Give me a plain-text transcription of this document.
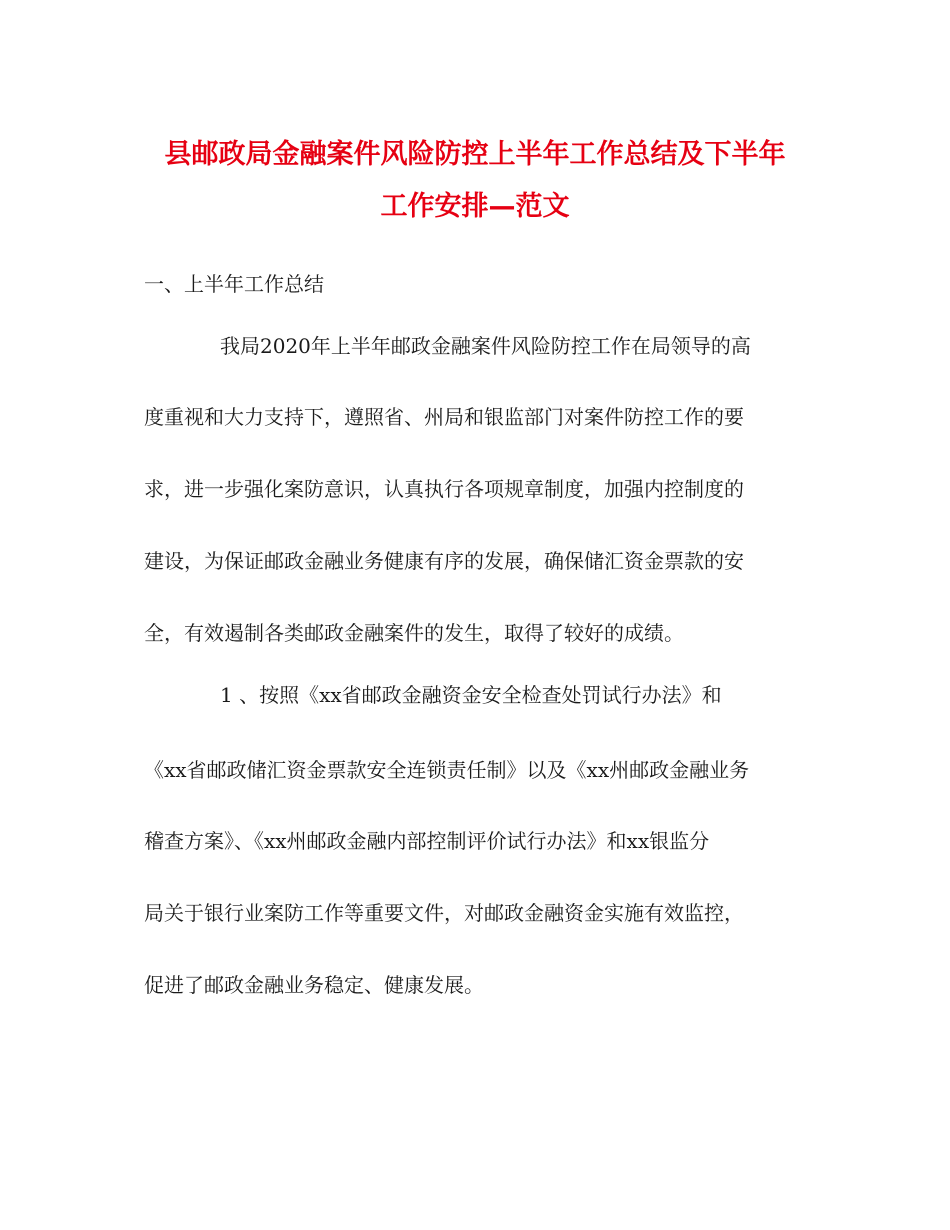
县邮政局金融案件风险防控上半年工作总结及下半年
工作安排—范文

一、上半年工作总结

我局2020年上半年邮政金融案件风险防控工作在局领导的高

度重视和大力支持下，遵照省、州局和银监部门对案件防控工作的要

求，进一步强化案防意识，认真执行各项规章制度，加强内控制度的

建设，为保证邮政金融业务健康有序的发展，确保储汇资金票款的安

全，有效遏制各类邮政金融案件的发生，取得了较好的成绩。

1 、按照《xx省邮政金融资金安全检查处罚试行办法》和

《xx省邮政储汇资金票款安全连锁责任制》以及《xx州邮政金融业务

稽查方案》、《xx州邮政金融内部控制评价试行办法》和xx银监分

局关于银行业案防工作等重要文件，对邮政金融资金实施有效监控，

促进了邮政金融业务稳定、健康发展。
